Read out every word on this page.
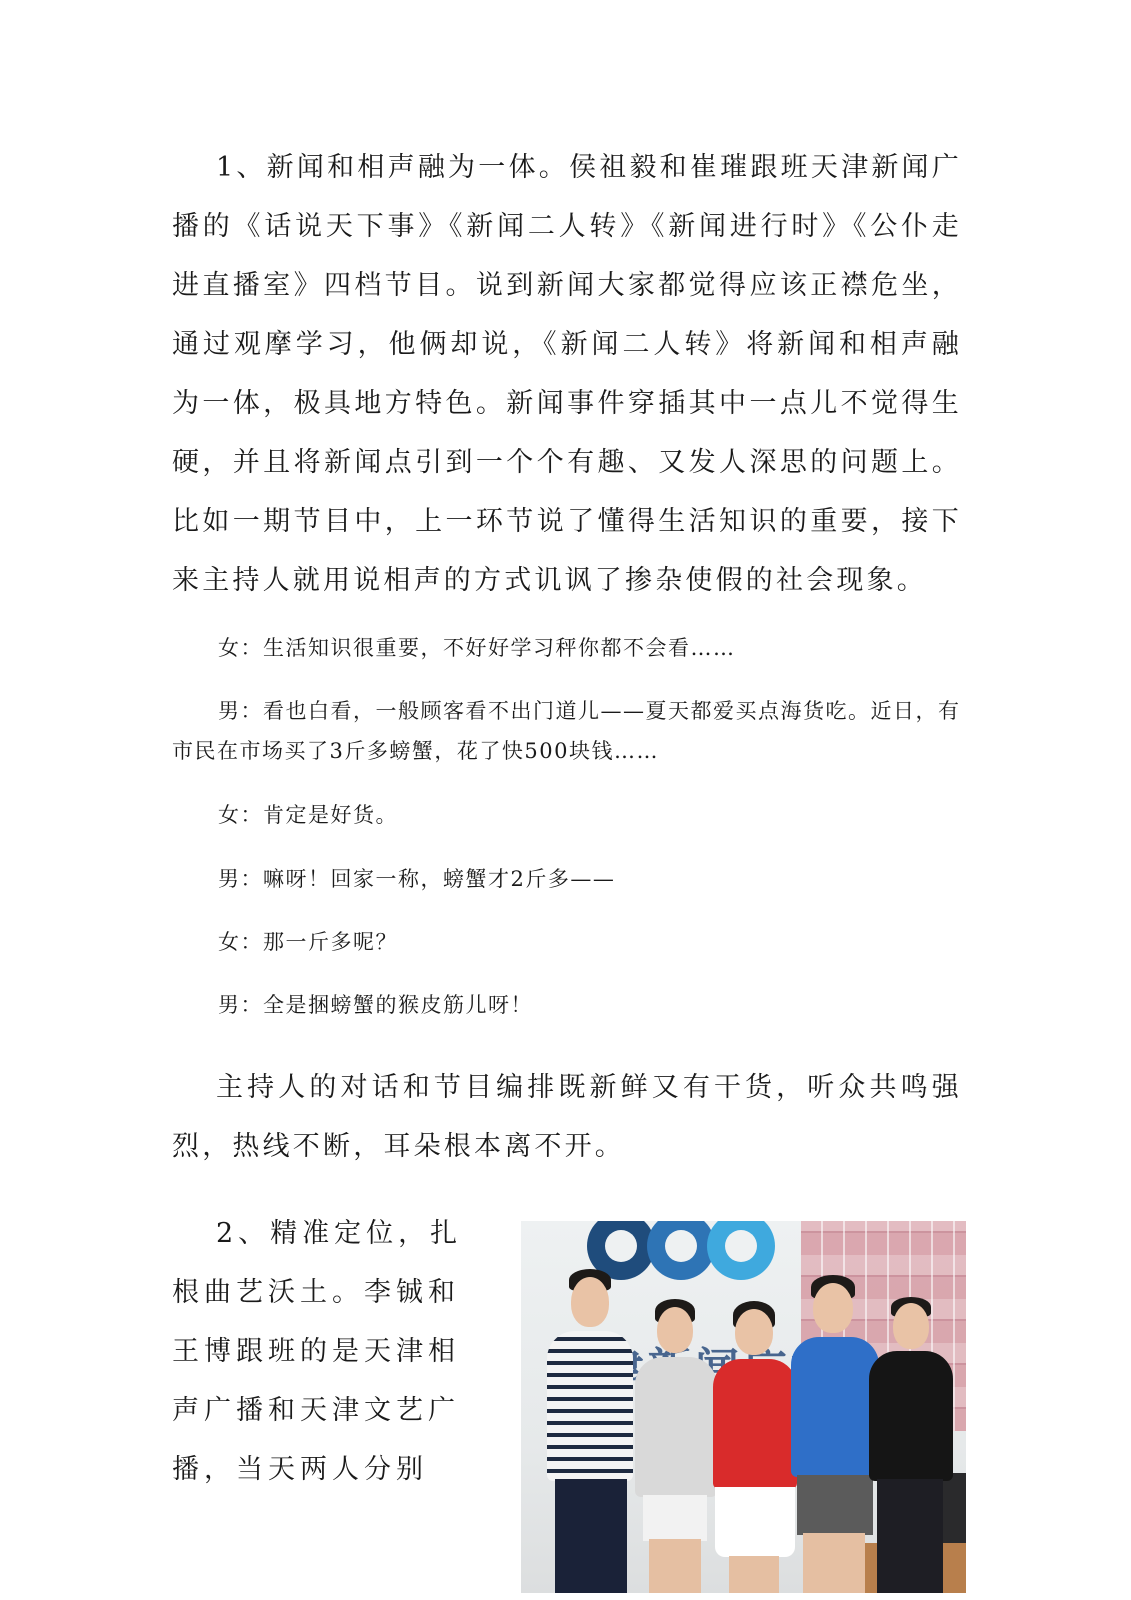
1、新闻和相声融为一体。侯祖毅和崔璀跟班天津新闻广播的《话说天下事》《新闻二人转》《新闻进行时》《公仆走进直播室》四档节目。说到新闻大家都觉得应该正襟危坐，通过观摩学习，他俩却说，《新闻二人转》将新闻和相声融为一体，极具地方特色。新闻事件穿插其中一点儿不觉得生硬，并且将新闻点引到一个个有趣、又发人深思的问题上。比如一期节目中，上一环节说了懂得生活知识的重要，接下来主持人就用说相声的方式讥讽了掺杂使假的社会现象。

女：生活知识很重要，不好好学习秤你都不会看……

男：看也白看，一般顾客看不出门道儿——夏天都爱买点海货吃。近日，有市民在市场买了3斤多螃蟹，花了快500块钱……

女：肯定是好货。

男：嘛呀！回家一称，螃蟹才2斤多——

女：那一斤多呢？

男：全是捆螃蟹的猴皮筋儿呀！

主持人的对话和节目编排既新鲜又有干货，听众共鸣强烈，热线不断，耳朵根本离不开。

2、精准定位，扎根曲艺沃土。李铖和王博跟班的是天津相声广播和天津文艺广播，当天两人分别
